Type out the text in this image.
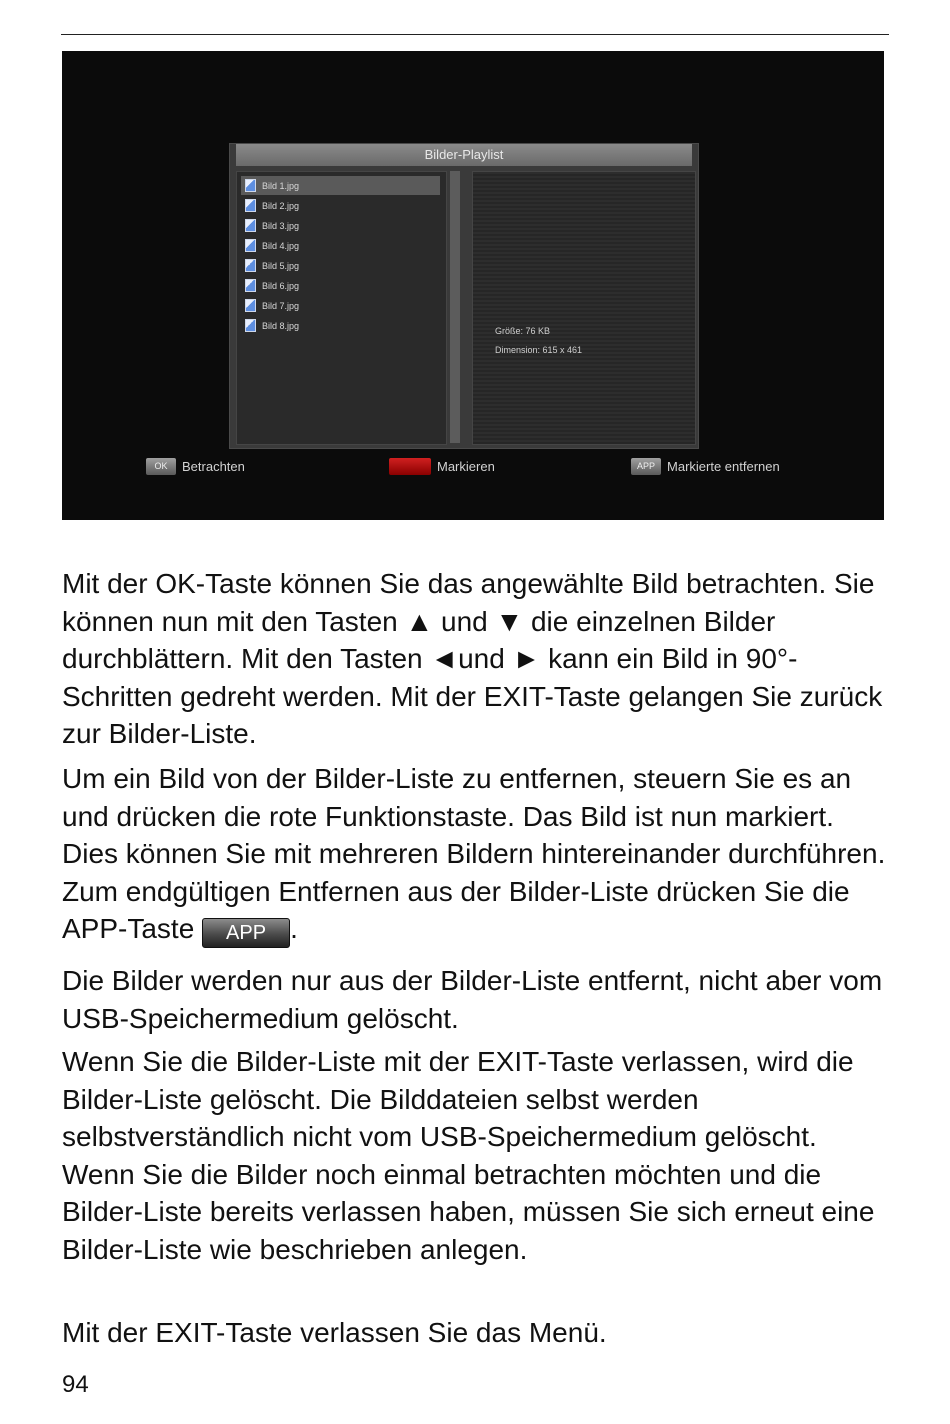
Bilder-Playlist
Bild 1.jpg
Bild 2.jpg
Bild 3.jpg
Bild 4.jpg
Bild 5.jpg
Bild 6.jpg
Bild 7.jpg
Bild 8.jpg
Größe: 76 KB
Dimension: 615 x 461
OK	Betrachten	Markieren	APP Markierte entfernen

Mit der OK-Taste können Sie das angewählte Bild betrachten. Sie können nun mit den Tasten ▲ und ▼ die einzelnen Bilder durchblättern. Mit den Tasten ◄und ► kann ein Bild in 90°-Schritten gedreht werden. Mit der EXIT-Taste gelangen Sie zurück zur Bilder-Liste.

Um ein Bild von der Bilder-Liste zu entfernen, steuern Sie es an und drücken die rote Funktionstaste. Das Bild ist nun markiert. Dies können Sie mit mehreren Bildern hintereinander durchführen. Zum endgültigen Entfernen aus der Bilder-Liste drücken Sie die APP-Taste APP .

Die Bilder werden nur aus der Bilder-Liste entfernt, nicht aber vom USB-Speichermedium gelöscht.

Wenn Sie die Bilder-Liste mit der EXIT-Taste verlassen, wird die Bilder-Liste gelöscht. Die Bilddateien selbst werden selbstverständlich nicht vom USB-Speichermedium gelöscht. Wenn Sie die Bilder noch einmal betrachten möchten und die Bilder-Liste bereits verlassen haben, müssen Sie sich erneut eine Bilder-Liste wie beschrieben anlegen.

Mit der EXIT-Taste verlassen Sie das Menü.

94
